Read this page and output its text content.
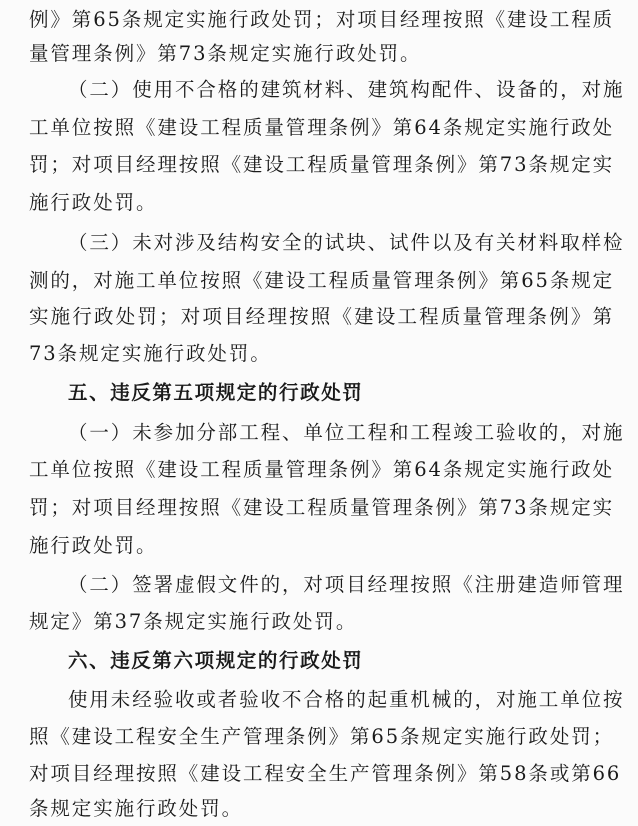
例》第65条规定实施行政处罚；对项目经理按照《建设工程质
量管理条例》第73条规定实施行政处罚。
（二）使用不合格的建筑材料、建筑构配件、设备的，对施
工单位按照《建设工程质量管理条例》第64条规定实施行政处
罚；对项目经理按照《建设工程质量管理条例》第73条规定实
施行政处罚。
（三）未对涉及结构安全的试块、试件以及有关材料取样检
测的，对施工单位按照《建设工程质量管理条例》第65条规定
实施行政处罚；对项目经理按照《建设工程质量管理条例》第
73条规定实施行政处罚。
五、违反第五项规定的行政处罚
（一）未参加分部工程、单位工程和工程竣工验收的，对施
工单位按照《建设工程质量管理条例》第64条规定实施行政处
罚；对项目经理按照《建设工程质量管理条例》第73条规定实
施行政处罚。
（二）签署虚假文件的，对项目经理按照《注册建造师管理
规定》第37条规定实施行政处罚。
六、违反第六项规定的行政处罚
使用未经验收或者验收不合格的起重机械的，对施工单位按
照《建设工程安全生产管理条例》第65条规定实施行政处罚；
对项目经理按照《建设工程安全生产管理条例》第58条或第66
条规定实施行政处罚。
